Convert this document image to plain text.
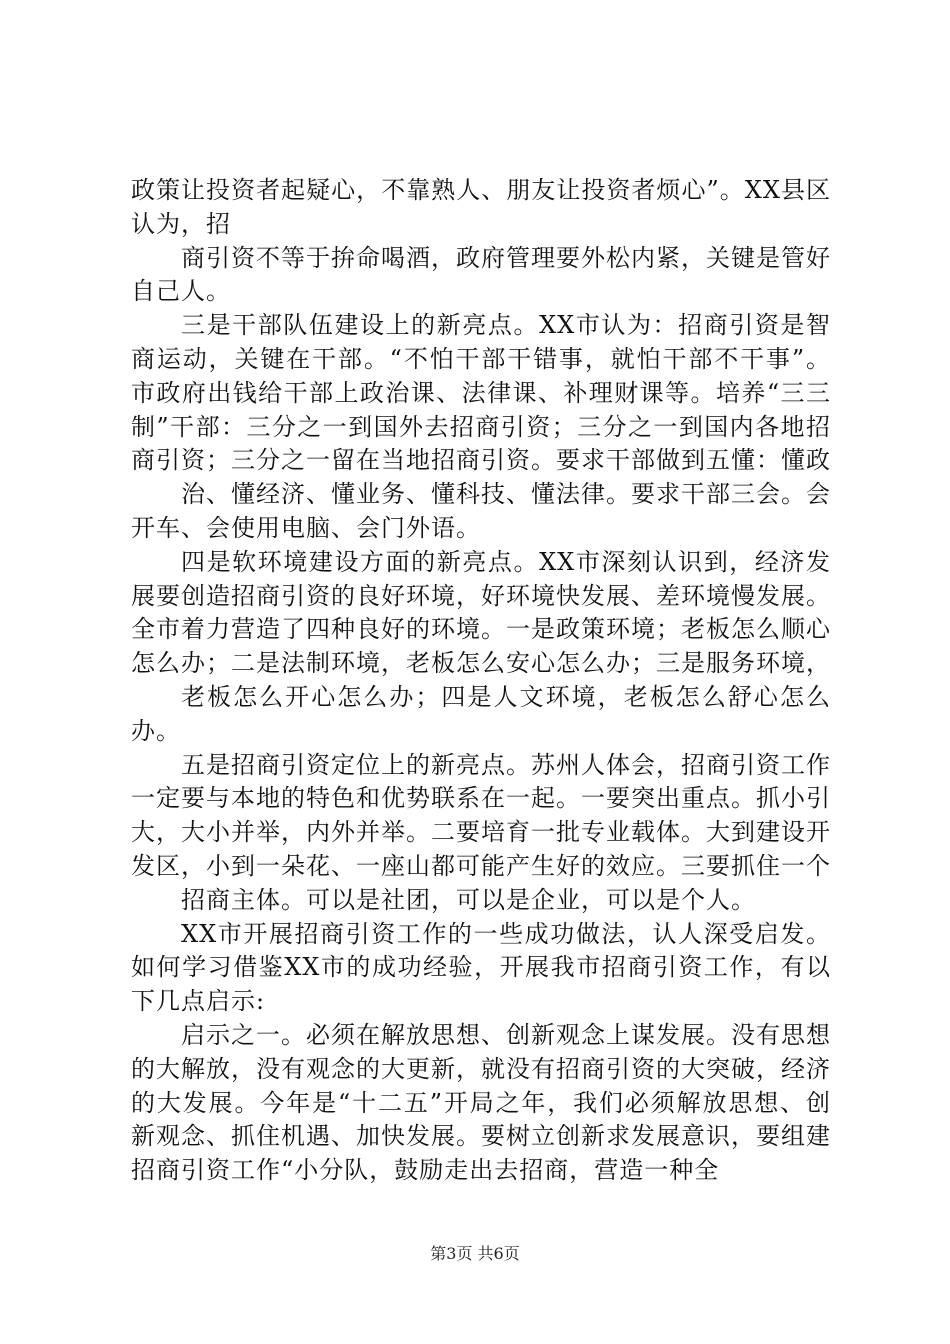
政策让投资者起疑心，不靠熟人、朋友让投资者烦心”。XX县区认为，招

商引资不等于拚命喝酒，政府管理要外松内紧，关键是管好自己人。

三是干部队伍建设上的新亮点。XX市认为：招商引资是智商运动，关键在干部。“不怕干部干错事，就怕干部不干事”。市政府出钱给干部上政治课、法律课、补理财课等。培养“三三制”干部：三分之一到国外去招商引资；三分之一到国内各地招商引资；三分之一留在当地招商引资。要求干部做到五懂：懂政

治、懂经济、懂业务、懂科技、懂法律。要求干部三会。会开车、会使用电脑、会门外语。

四是软环境建设方面的新亮点。XX市深刻认识到，经济发展要创造招商引资的良好环境，好环境快发展、差环境慢发展。全市着力营造了四种良好的环境。一是政策环境；老板怎么顺心怎么办；二是法制环境，老板怎么安心怎么办；三是服务环境，

老板怎么开心怎么办；四是人文环境，老板怎么舒心怎么办。

五是招商引资定位上的新亮点。苏州人体会，招商引资工作一定要与本地的特色和优势联系在一起。一要突出重点。抓小引大，大小并举，内外并举。二要培育一批专业载体。大到建设开发区，小到一朵花、一座山都可能产生好的效应。三要抓住一个

招商主体。可以是社团，可以是企业，可以是个人。

XX市开展招商引资工作的一些成功做法，认人深受启发。如何学习借鉴XX市的成功经验，开展我市招商引资工作，有以下几点启示:

启示之一。必须在解放思想、创新观念上谋发展。没有思想的大解放，没有观念的大更新，就没有招商引资的大突破，经济的大发展。今年是“十二五”开局之年，我们必须解放思想、创新观念、抓住机遇、加快发展。要树立创新求发展意识，要组建招商引资工作“小分队，鼓励走出去招商，营造一种全

第3页 共6页
